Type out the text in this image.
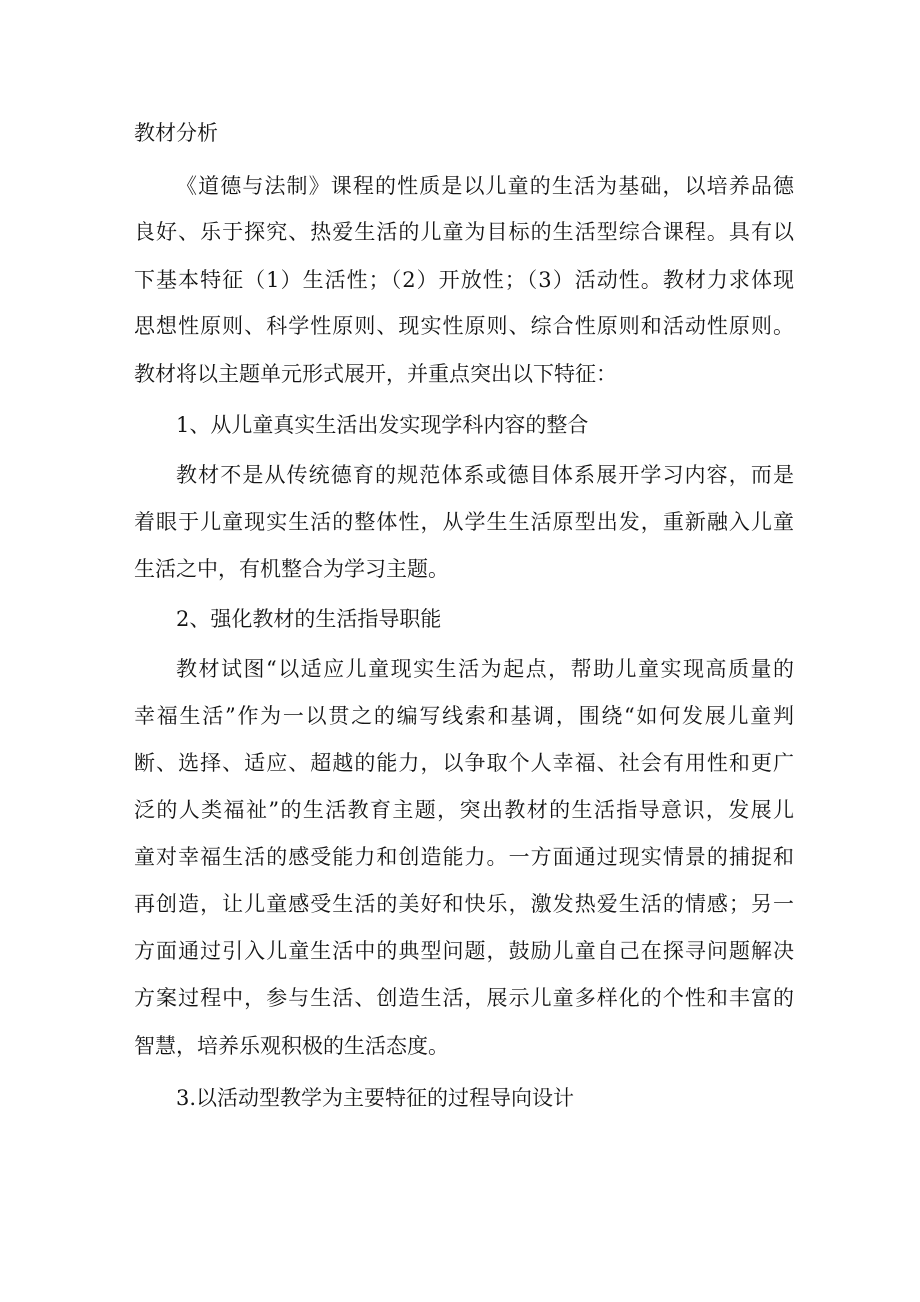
教材分析
《道德与法制》课程的性质是以儿童的生活为基础，以培养品德
良好、乐于探究、热爱生活的儿童为目标的生活型综合课程。具有以
下基本特征（1）生活性；（2）开放性；（3）活动性。教材力求体现
思想性原则、科学性原则、现实性原则、综合性原则和活动性原则。
教材将以主题单元形式展开，并重点突出以下特征：
1、从儿童真实生活出发实现学科内容的整合
教材不是从传统德育的规范体系或德目体系展开学习内容，而是
着眼于儿童现实生活的整体性，从学生生活原型出发，重新融入儿童
生活之中，有机整合为学习主题。
2、强化教材的生活指导职能
教材试图“以适应儿童现实生活为起点，帮助儿童实现高质量的
幸福生活”作为一以贯之的编写线索和基调，围绕“如何发展儿童判
断、选择、适应、超越的能力，以争取个人幸福、社会有用性和更广
泛的人类福祉”的生活教育主题，突出教材的生活指导意识，发展儿
童对幸福生活的感受能力和创造能力。一方面通过现实情景的捕捉和
再创造，让儿童感受生活的美好和快乐，激发热爱生活的情感；另一
方面通过引入儿童生活中的典型问题，鼓励儿童自己在探寻问题解决
方案过程中，参与生活、创造生活，展示儿童多样化的个性和丰富的
智慧，培养乐观积极的生活态度。
3.以活动型教学为主要特征的过程导向设计
